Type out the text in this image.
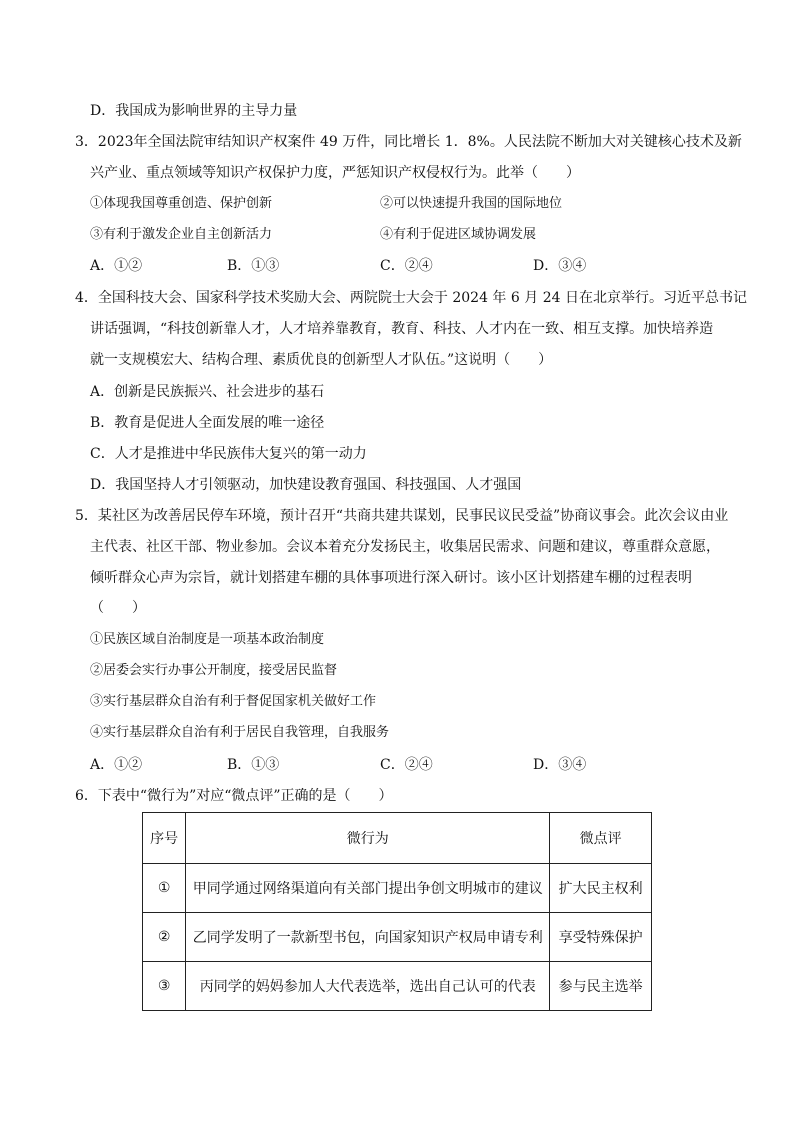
D．我国成为影响世界的主导力量
3．2023年全国法院审结知识产权案件 49 万件，同比增长 1．8%。人民法院不断加大对关键核心技术及新
兴产业、重点领域等知识产权保护力度，严惩知识产权侵权行为。此举（　　）
①体现我国尊重创造、保护创新	②可以快速提升我国的国际地位
③有利于激发企业自主创新活力	④有利于促进区域协调发展
A．①②	B．①③	C．②④	D．③④
4．全国科技大会、国家科学技术奖励大会、两院院士大会于 2024 年 6 月 24 日在北京举行。习近平总书记
讲话强调，“科技创新靠人才，人才培养靠教育，教育、科技、人才内在一致、相互支撑。加快培养造
就一支规模宏大、结构合理、素质优良的创新型人才队伍。”这说明（　　）
A．创新是民族振兴、社会进步的基石
B．教育是促进人全面发展的唯一途径
C．人才是推进中华民族伟大复兴的第一动力
D．我国坚持人才引领驱动，加快建设教育强国、科技强国、人才强国
5．某社区为改善居民停车环境，预计召开“共商共建共谋划，民事民议民受益”协商议事会。此次会议由业
主代表、社区干部、物业参加。会议本着充分发扬民主，收集居民需求、问题和建议，尊重群众意愿，
倾听群众心声为宗旨，就计划搭建车棚的具体事项进行深入研讨。该小区计划搭建车棚的过程表明
（　　）
①民族区域自治制度是一项基本政治制度
②居委会实行办事公开制度，接受居民监督
③实行基层群众自治有利于督促国家机关做好工作
④实行基层群众自治有利于居民自我管理，自我服务
A．①②	B．①③	C．②④	D．③④
6．下表中“微行为”对应“微点评”正确的是（　　）
序号	微行为	微点评
①	甲同学通过网络渠道向有关部门提出争创文明城市的建议	扩大民主权利
②	乙同学发明了一款新型书包，向国家知识产权局申请专利	享受特殊保护
③	丙同学的妈妈参加人大代表选举，选出自己认可的代表	参与民主选举
